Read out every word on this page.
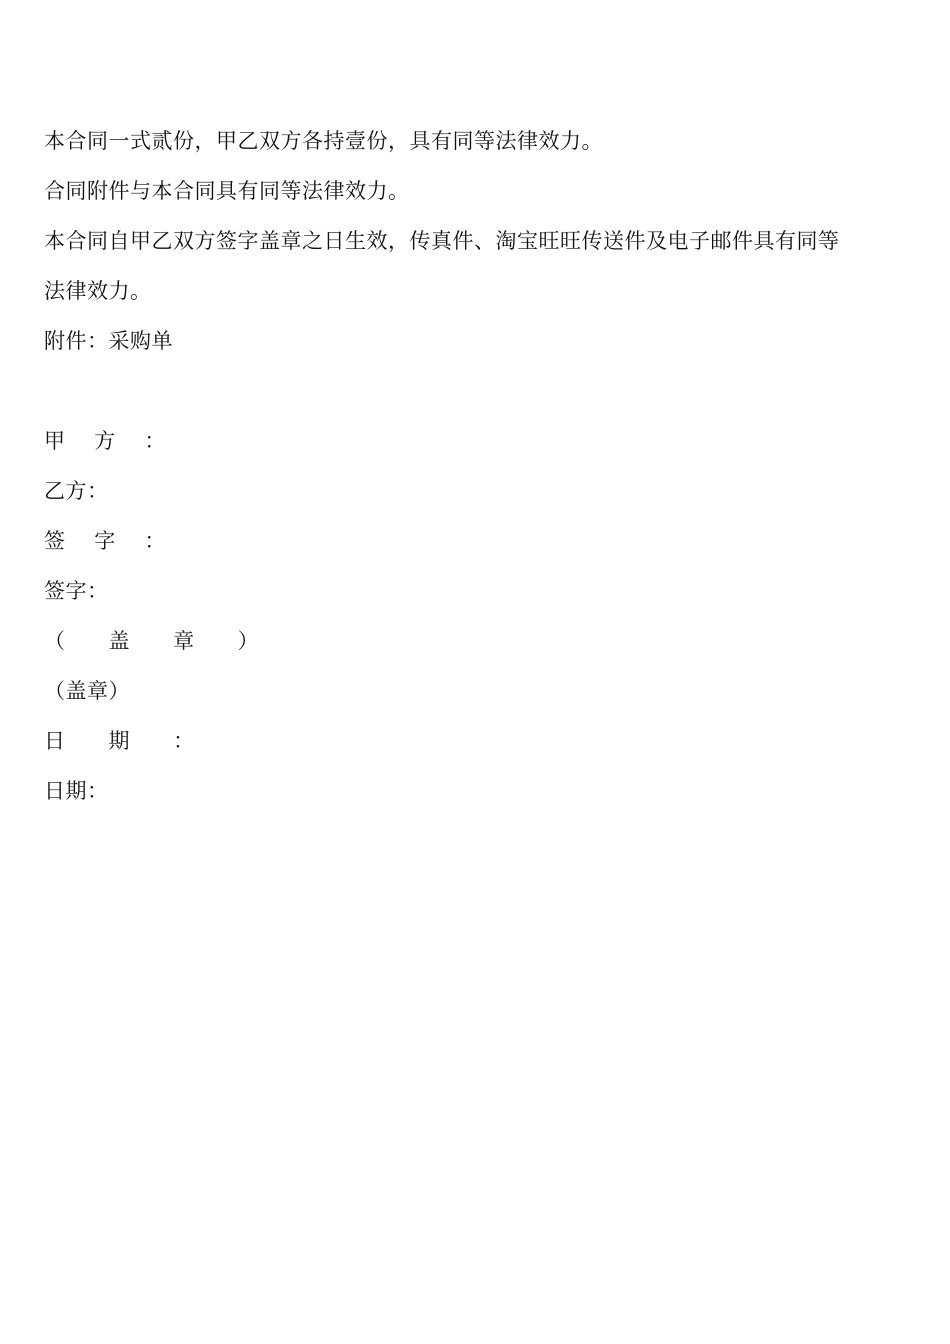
本合同一式贰份，甲乙双方各持壹份，具有同等法律效力。
合同附件与本合同具有同等法律效力。
本合同自甲乙双方签字盖章之日生效，传真件、淘宝旺旺传送件及电子邮件具有同等
法律效力。
附件：采购单
甲    方    ：
乙方：
签    字    ：
签字：
（      盖      章      ）
（盖章）
日      期      ：
日期：
